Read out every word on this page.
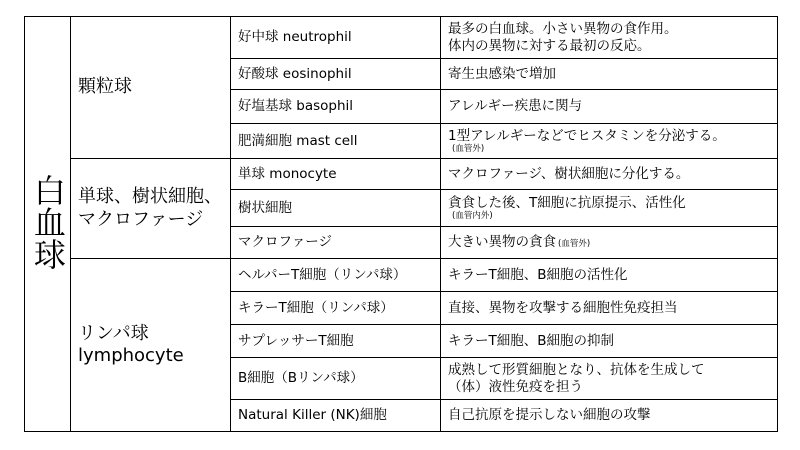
白血球	顆粒球	好中球 neutrophil	最多の白血球。小さい異物の食作用。
体内の異物に対する最初の反応。

		好酸球 eosinophil	寄生虫感染で増加

		好塩基球 basophil	アレルギー疾患に関与

		肥満細胞 mast cell	1型アレルギーなどでヒスタミンを分泌する。
(血管外)

	単球、樹状細胞、
マクロファージ	単球 monocyte	マクロファージ、樹状細胞に分化する。

		樹状細胞	貪食した後、T細胞に抗原提示、活性化
(血管内外)

		マクロファージ	大きい異物の貪食 (血管外)

	リンパ球
lymphocyte	ヘルパーT細胞（リンパ球）	キラーT細胞、B細胞の活性化

		キラーT細胞（リンパ球）	直接、異物を攻撃する細胞性免疫担当

		サプレッサーT細胞	キラーT細胞、B細胞の抑制

		B細胞（Bリンパ球）	成熟して形質細胞となり、抗体を生成して
（体）液性免疫を担う

		Natural Killer (NK)細胞	自己抗原を提示しない細胞の攻撃
